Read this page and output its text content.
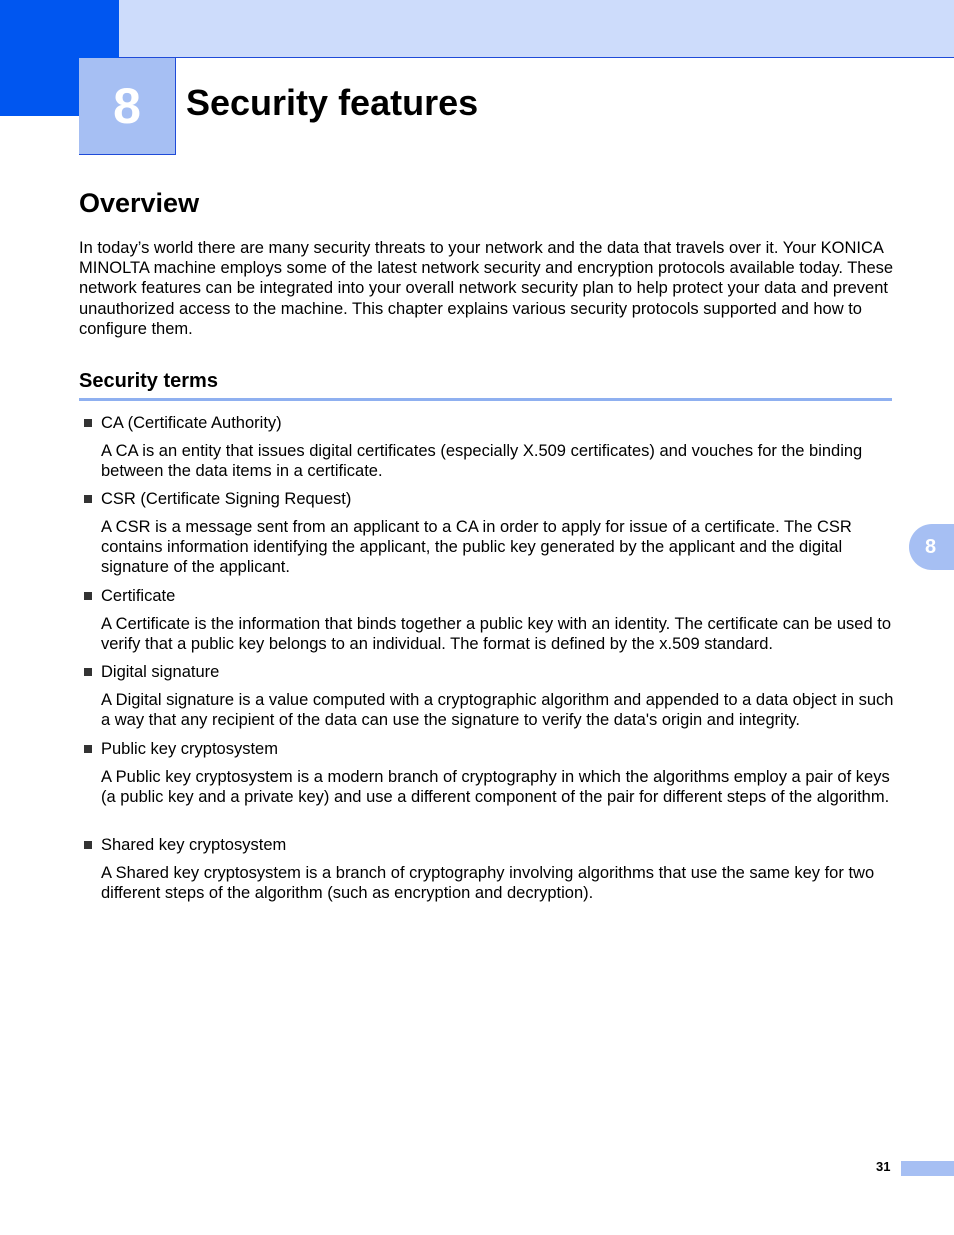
8 Security features
Overview

In today’s world there are many security threats to your network and the data that travels over it. Your KONICA MINOLTA machine employs some of the latest network security and encryption protocols available today. These network features can be integrated into your overall network security plan to help protect your data and prevent unauthorized access to the machine. This chapter explains various security protocols supported and how to configure them.

Security terms
CA (Certificate Authority)

A CA is an entity that issues digital certificates (especially X.509 certificates) and vouches for the binding between the data items in a certificate.

CSR (Certificate Signing Request)

A CSR is a message sent from an applicant to a CA in order to apply for issue of a certificate. The CSR contains information identifying the applicant, the public key generated by the applicant and the digital signature of the applicant.

Certificate

A Certificate is the information that binds together a public key with an identity. The certificate can be used to verify that a public key belongs to an individual. The format is defined by the x.509 standard.

Digital signature

A Digital signature is a value computed with a cryptographic algorithm and appended to a data object in such a way that any recipient of the data can use the signature to verify the data's origin and integrity.

Public key cryptosystem

A Public key cryptosystem is a modern branch of cryptography in which the algorithms employ a pair of keys (a public key and a private key) and use a different component of the pair for different steps of the algorithm.

Shared key cryptosystem

A Shared key cryptosystem is a branch of cryptography involving algorithms that use the same key for two different steps of the algorithm (such as encryption and decryption).

8
31
